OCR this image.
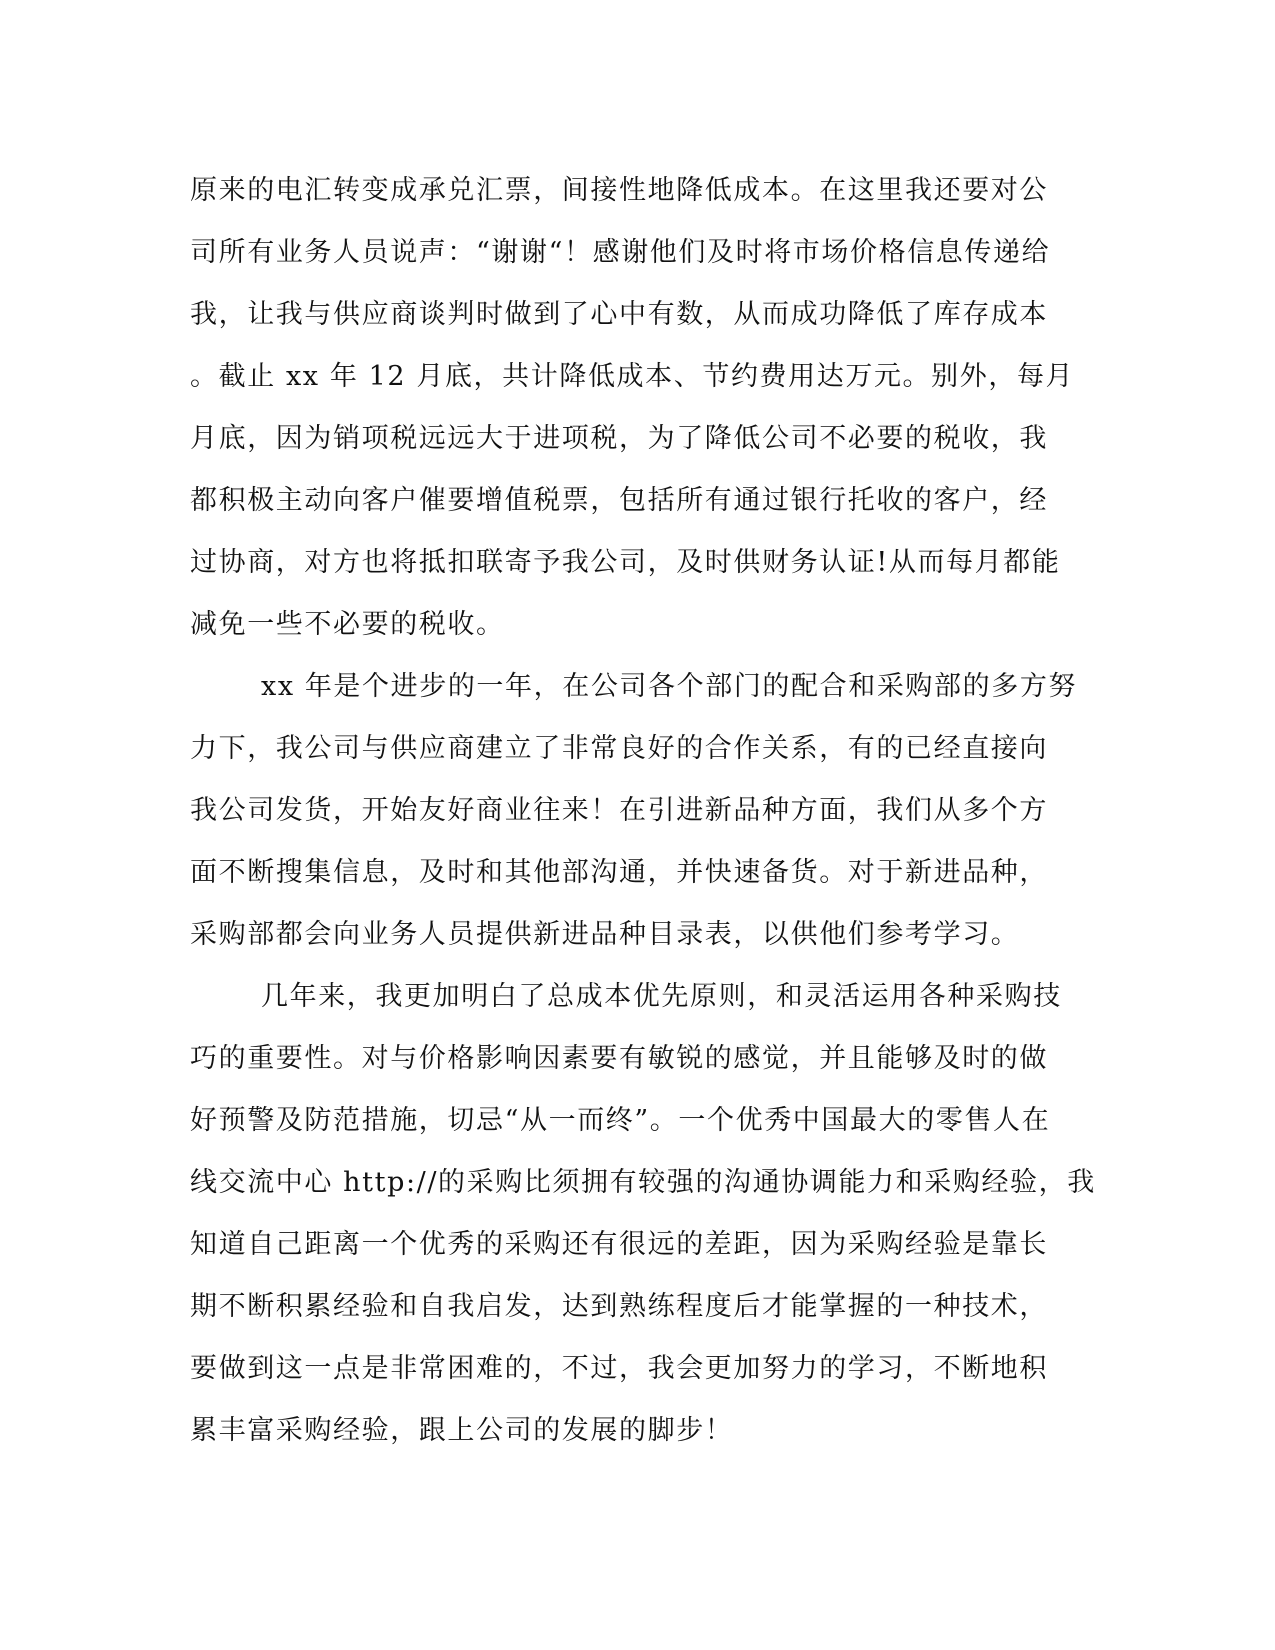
原来的电汇转变成承兑汇票，间接性地降低成本。在这里我还要对公
司所有业务人员说声：“谢谢“！感谢他们及时将市场价格信息传递给
我，让我与供应商谈判时做到了心中有数，从而成功降低了库存成本
。截止 xx 年 12 月底，共计降低成本、节约费用达万元。别外，每月
月底，因为销项税远远大于进项税，为了降低公司不必要的税收，我
都积极主动向客户催要增值税票，包括所有通过银行托收的客户，经
过协商，对方也将抵扣联寄予我公司，及时供财务认证!从而每月都能
减免一些不必要的税收。
xx 年是个进步的一年，在公司各个部门的配合和采购部的多方努
力下，我公司与供应商建立了非常良好的合作关系，有的已经直接向
我公司发货，开始友好商业往来！在引进新品种方面，我们从多个方
面不断搜集信息，及时和其他部沟通，并快速备货。对于新进品种，
采购部都会向业务人员提供新进品种目录表，以供他们参考学习。
几年来，我更加明白了总成本优先原则，和灵活运用各种采购技
巧的重要性。对与价格影响因素要有敏锐的感觉，并且能够及时的做
好预警及防范措施，切忌“从一而终”。一个优秀中国最大的零售人在
线交流中心 http://的采购比须拥有较强的沟通协调能力和采购经验，我
知道自己距离一个优秀的采购还有很远的差距，因为采购经验是靠长
期不断积累经验和自我启发，达到熟练程度后才能掌握的一种技术，
要做到这一点是非常困难的，不过，我会更加努力的学习，不断地积
累丰富采购经验，跟上公司的发展的脚步！
